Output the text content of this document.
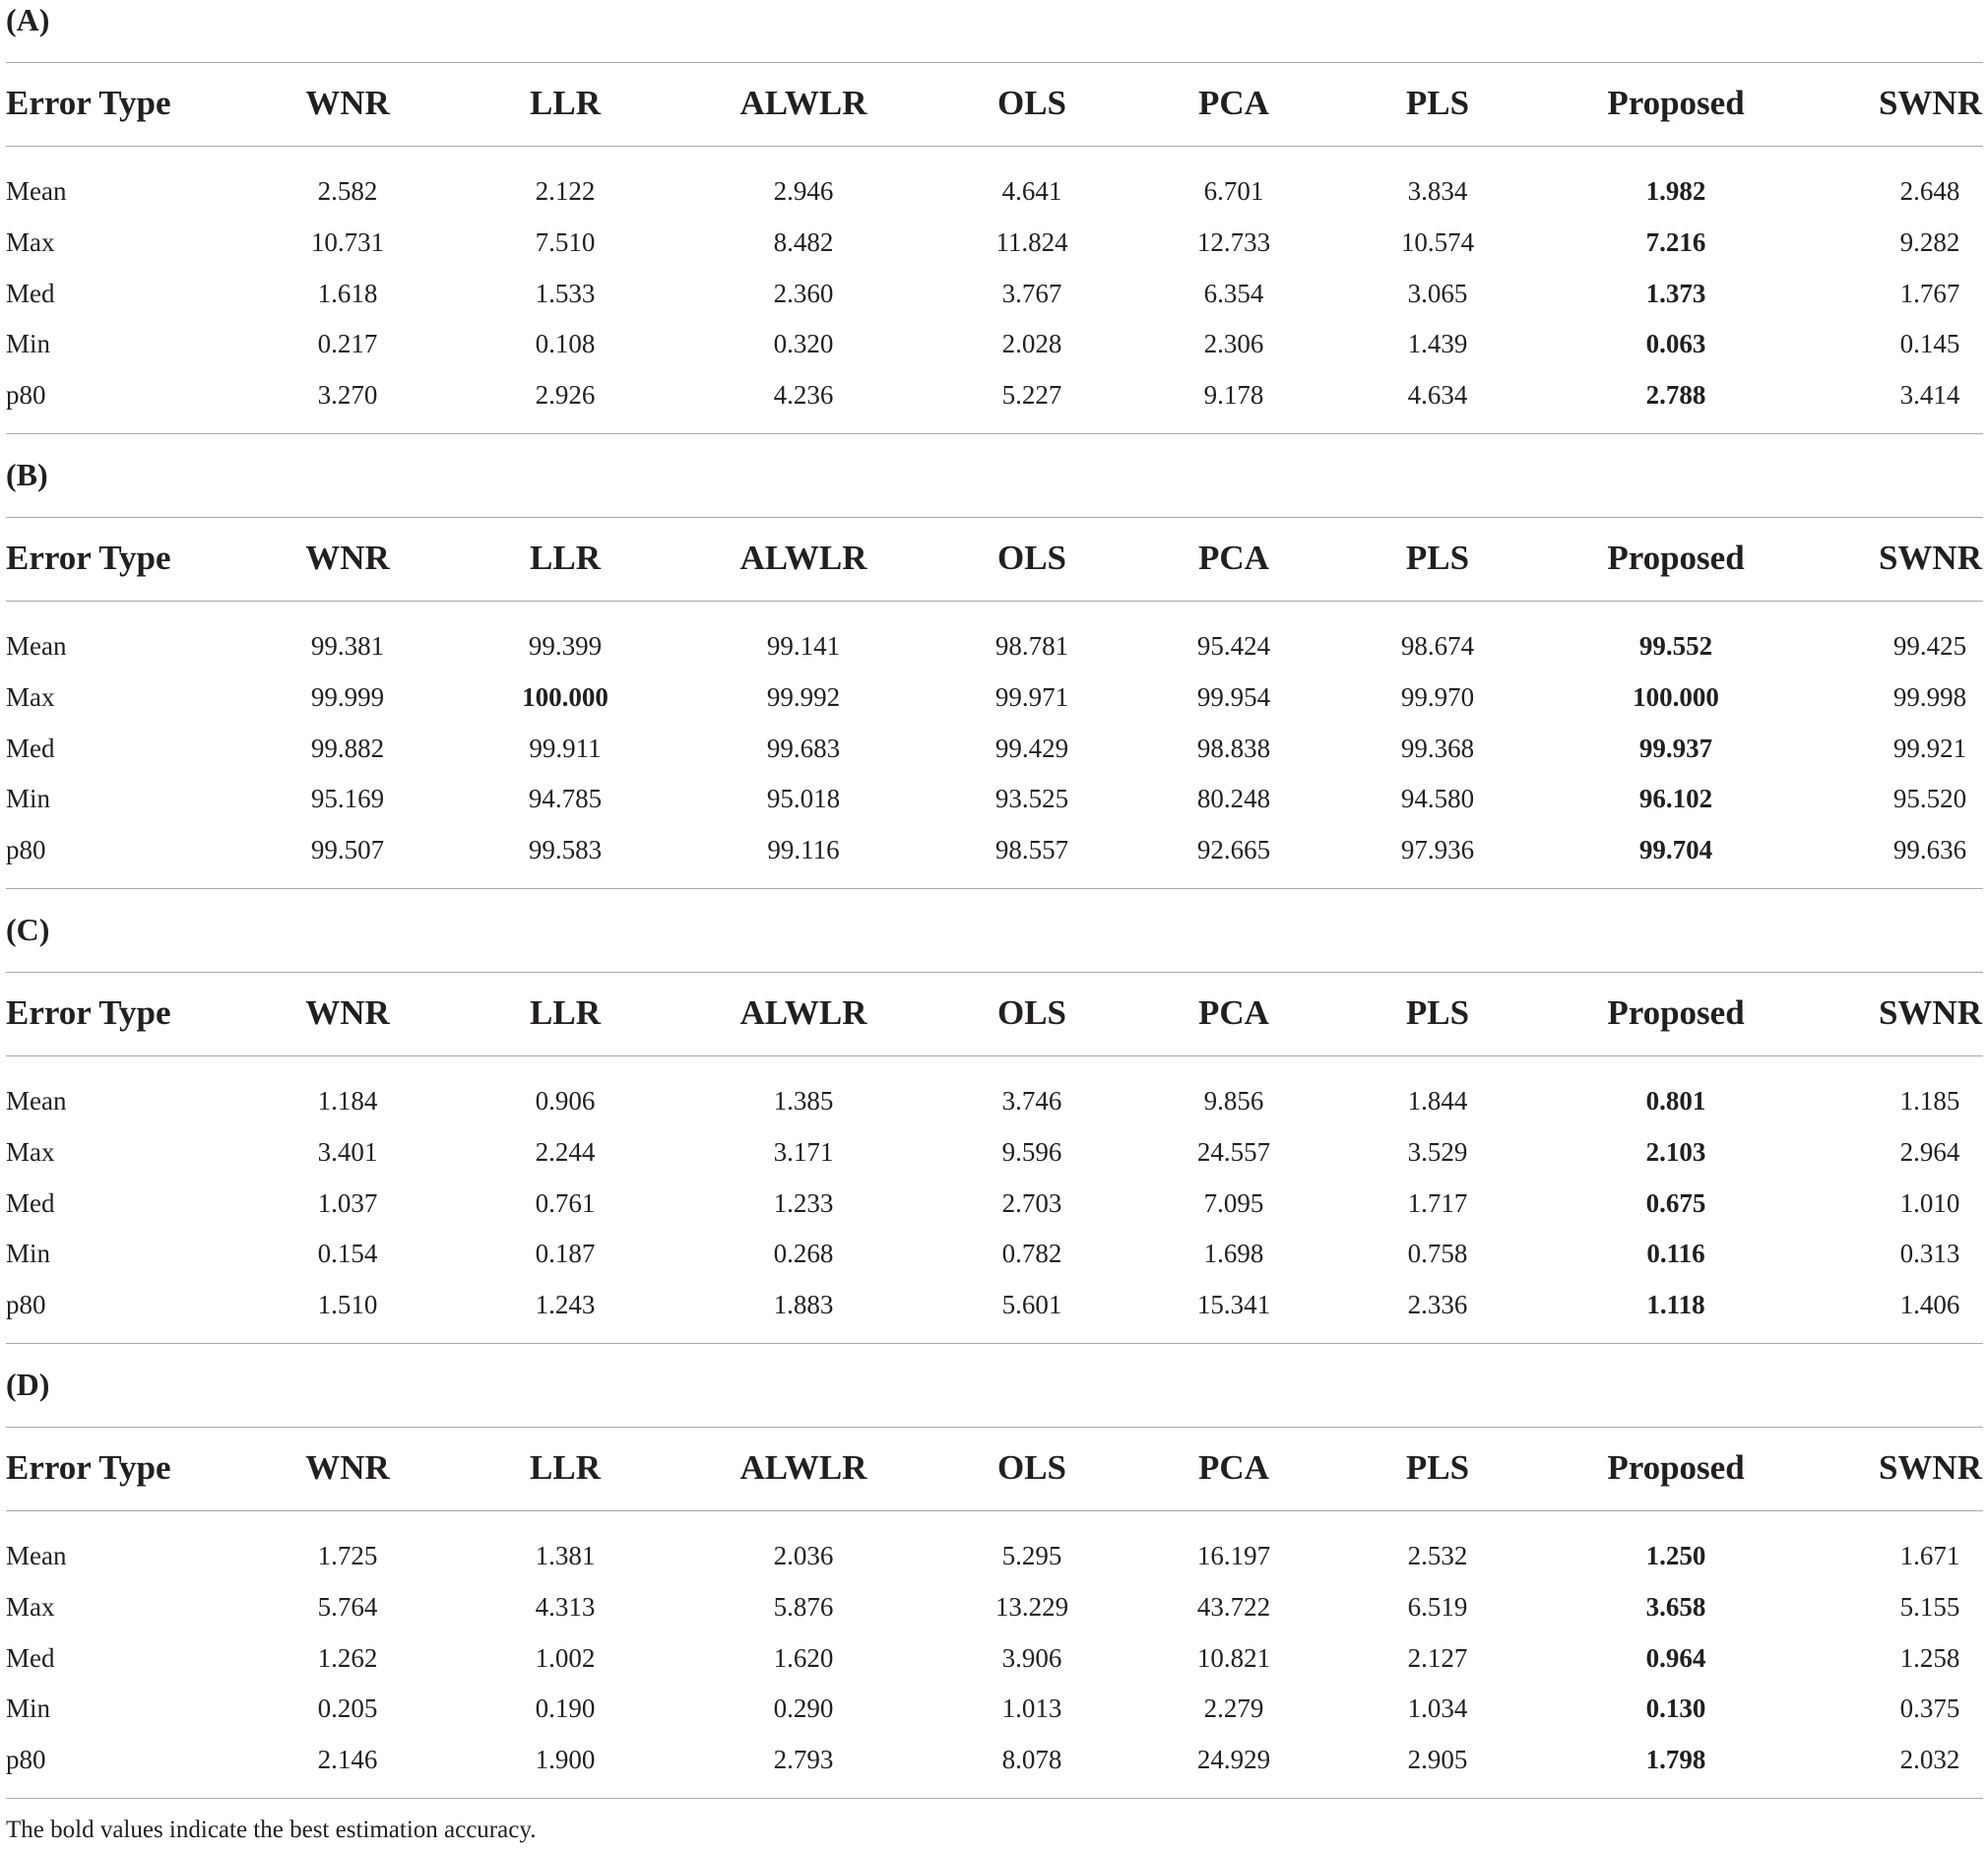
(A)
Error Type	WNR	LLR	ALWLR	OLS	PCA	PLS	Proposed	SWNR
Mean	2.582	2.122	2.946	4.641	6.701	3.834	1.982	2.648
Max	10.731	7.510	8.482	11.824	12.733	10.574	7.216	9.282
Med	1.618	1.533	2.360	3.767	6.354	3.065	1.373	1.767
Min	0.217	0.108	0.320	2.028	2.306	1.439	0.063	0.145
p80	3.270	2.926	4.236	5.227	9.178	4.634	2.788	3.414
(B)
Error Type	WNR	LLR	ALWLR	OLS	PCA	PLS	Proposed	SWNR
Mean	99.381	99.399	99.141	98.781	95.424	98.674	99.552	99.425
Max	99.999	100.000	99.992	99.971	99.954	99.970	100.000	99.998
Med	99.882	99.911	99.683	99.429	98.838	99.368	99.937	99.921
Min	95.169	94.785	95.018	93.525	80.248	94.580	96.102	95.520
p80	99.507	99.583	99.116	98.557	92.665	97.936	99.704	99.636
(C)
Error Type	WNR	LLR	ALWLR	OLS	PCA	PLS	Proposed	SWNR
Mean	1.184	0.906	1.385	3.746	9.856	1.844	0.801	1.185
Max	3.401	2.244	3.171	9.596	24.557	3.529	2.103	2.964
Med	1.037	0.761	1.233	2.703	7.095	1.717	0.675	1.010
Min	0.154	0.187	0.268	0.782	1.698	0.758	0.116	0.313
p80	1.510	1.243	1.883	5.601	15.341	2.336	1.118	1.406
(D)
Error Type	WNR	LLR	ALWLR	OLS	PCA	PLS	Proposed	SWNR
Mean	1.725	1.381	2.036	5.295	16.197	2.532	1.250	1.671
Max	5.764	4.313	5.876	13.229	43.722	6.519	3.658	5.155
Med	1.262	1.002	1.620	3.906	10.821	2.127	0.964	1.258
Min	0.205	0.190	0.290	1.013	2.279	1.034	0.130	0.375
p80	2.146	1.900	2.793	8.078	24.929	2.905	1.798	2.032
The bold values indicate the best estimation accuracy.
